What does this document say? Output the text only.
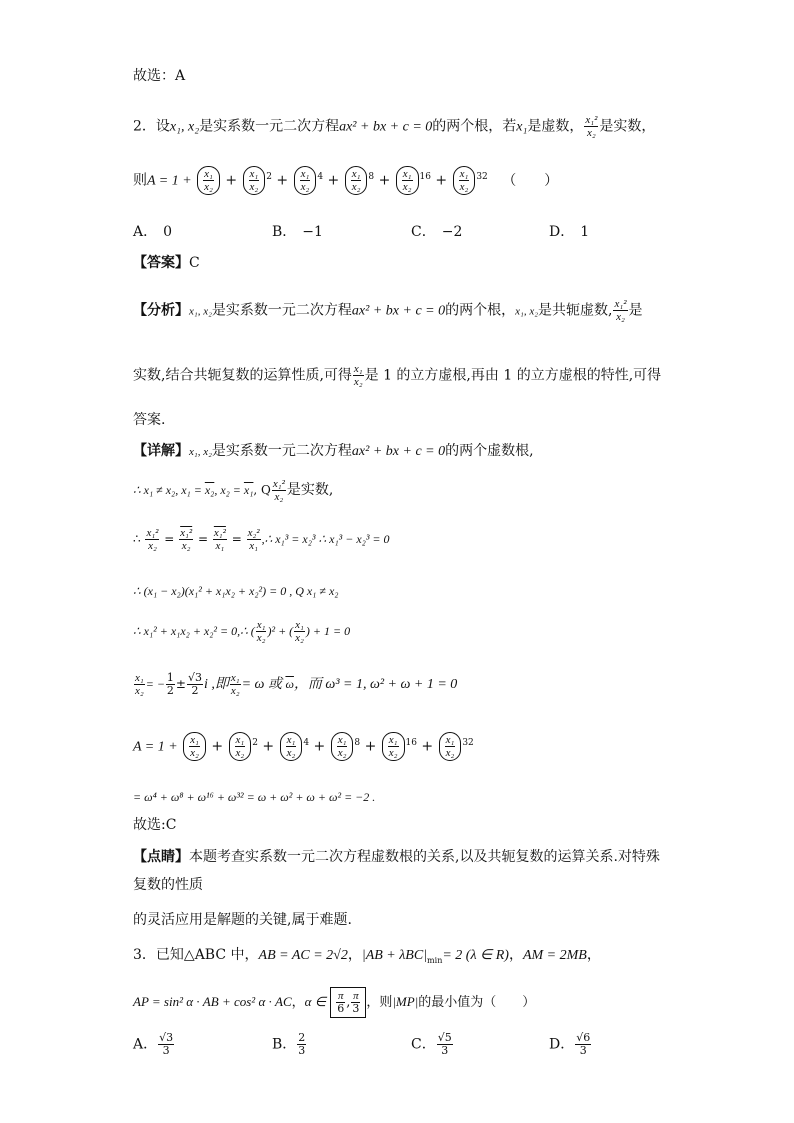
故选：A
2．设x₁, x₂是实系数一元二次方程ax² + bx + c = 0的两个根，若x₁是虚数， $\frac{\text{x₁²}}{\text{x₂}}$ 是实数，
则$A = 1 + \frac{\text{x₁}}{\text{x₂}} + \frac{\text{x₁}}{\text{x₂}} ^2 + \frac{\text{x₁}}{\text{x₂}} ^4 + \frac{\text{x₁}}{\text{x₂}} ^8 + \frac{\text{x₁}}{\text{x₂}} ^{16} + \frac{\text{x₁}}{\text{x₂}} ^{32}$ （　　）
A． 0	B． −1	C． −2	D． 1
【答案】C
【分析】x₁, x₂是实系数一元二次方程ax² + bx + c = 0的两个根，x₁, x₂是共轭虚数, $\frac{\text{x₁²}}{\text{x₂}}$ 是
实数,结合共轭复数的运算性质,可得 $\frac{\text{x₁}}{\text{x₂}}$ 是 1 的立方虚根,再由 1 的立方虚根的特性,可得
答案.
【详解】x₁, x₂是实系数一元二次方程ax² + bx + c = 0的两个虚数根,
∴ x₁ ≠ x₂, x₁ = x₂, x₂ = x₁, Q $\frac{\text{x₁²}}{\text{x₂}}$ 是实数,
∴ $\frac{\text{x₁²}}{\text{x₂}} = \frac{\text{x₁²}}{\text{x₂}} = \frac{\text{x₁²}}{\text{x₁}} = \frac{\text{x₂²}}{\text{x₁}}$ ,∴ x₁³ = x₂³ ∴ x₁³ − x₂³ = 0
∴ (x₁ − x₂)(x₁² + x₁x₂ + x₂²) = 0 , Q x₁ ≠ x₂
∴ x₁² + x₁x₂ + x₂² = 0,∴ ( $\frac{\text{x₁}}{\text{x₂}} )^2$ + ( $\frac{\text{x₁}}{\text{x₂}}$ ) + 1 = 0
$\frac{\text{x₁}}{\text{x₂}}$ = − $\frac{1}{2} \pm \frac{√3}{2}$ i ,即 $\frac{\text{x₁}}{\text{x₂}} = \omega$ 或 $\overline{\omega}$，而 ω³ = 1, ω² + ω + 1 = 0
$A = 1 + \frac{\text{x₁}}{\text{x₂}} + \frac{\text{x₁}}{\text{x₂}} ^2 + \frac{\text{x₁}}{\text{x₂}} ^4 + \frac{\text{x₁}}{\text{x₂}} ^8 + \frac{\text{x₁}}{\text{x₂}} ^{16} + \frac{\text{x₁}}{\text{x₂}} ^{32}$
= ω⁴ + ω⁸ + ω¹⁶ + ω³² = ω + ω² + ω + ω² = −2 .
故选:C
【点睛】本题考查实系数一元二次方程虚数根的关系,以及共轭复数的运算关系.对特殊
复数的性质
的灵活应用是解题的关键,属于难题.
3．已知△ABC 中，AB = AC = 2√2，$|AB + \lambda BC|_{min}= 2$ (λ ∈ R)，AM = 2MB，
AP = sin² α · AB + cos² α · AC，α ∈ $\frac{\pi}{6}$ , $\frac{\pi}{3}$ ，则|MP|的最小值为（　　）
A． $\frac{√3}{3}$	B． $\frac{2}{3}$	C． $\frac{√5}{3}$	D． $\frac{√6}{3}$
